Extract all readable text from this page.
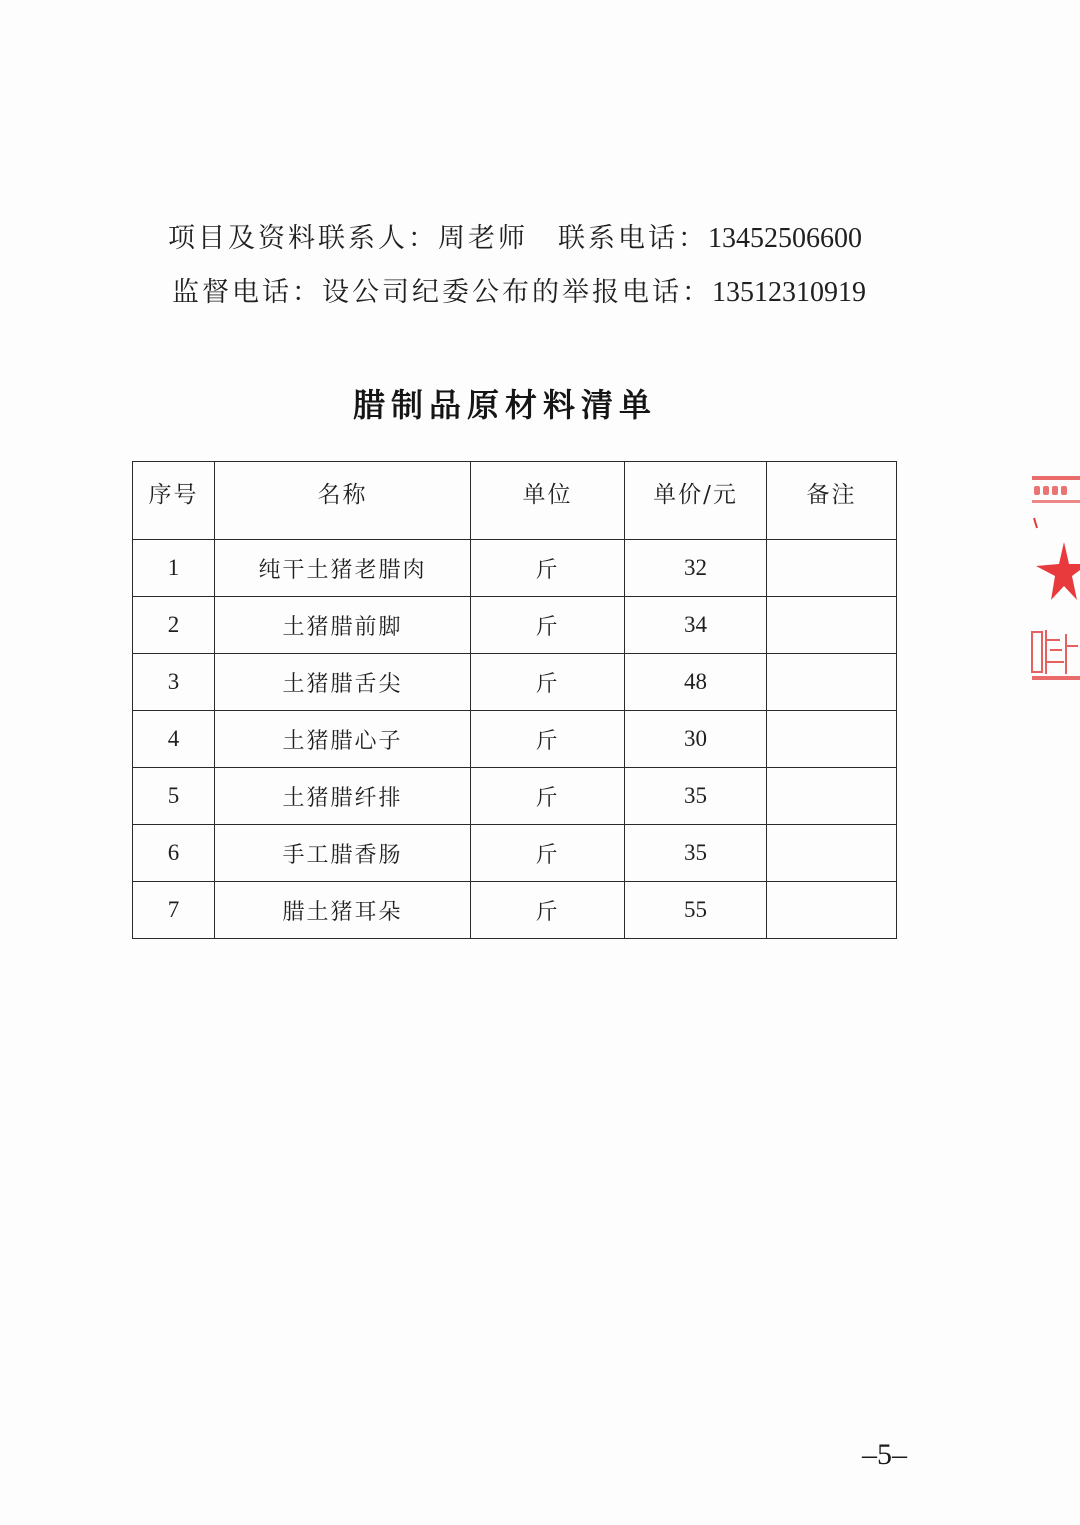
项目及资料联系人：周老师 联系电话：13452506600
监督电话：设公司纪委公布的举报电话：13512310919
腊制品原材料清单
序号	名称	单位	单价/元	备注
1	纯干土猪老腊肉	斤	32	
2	土猪腊前脚	斤	34	
3	土猪腊舌尖	斤	48	
4	土猪腊心子	斤	30	
5	土猪腊纤排	斤	35	
6	手工腊香肠	斤	35	
7	腊土猪耳朵	斤	55	
–5–
